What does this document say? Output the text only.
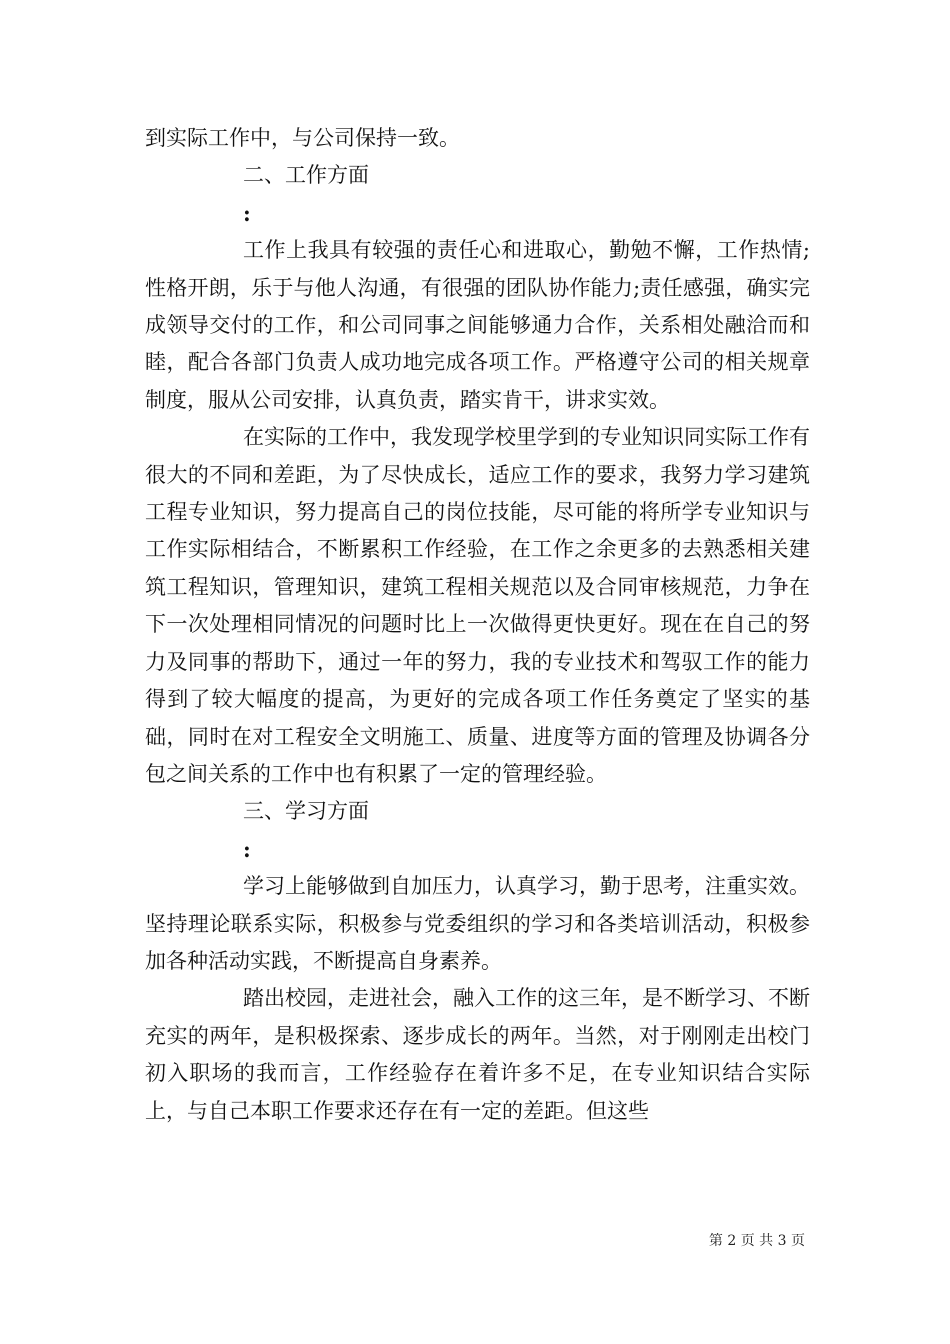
到实际工作中，与公司保持一致。

二、工作方面

:

工作上我具有较强的责任心和进取心，勤勉不懈，工作热情;性格开朗，乐于与他人沟通，有很强的团队协作能力;责任感强，确实完成领导交付的工作，和公司同事之间能够通力合作，关系相处融洽而和睦，配合各部门负责人成功地完成各项工作。严格遵守公司的相关规章制度，服从公司安排，认真负责，踏实肯干，讲求实效。

在实际的工作中，我发现学校里学到的专业知识同实际工作有很大的不同和差距，为了尽快成长，适应工作的要求，我努力学习建筑工程专业知识，努力提高自己的岗位技能，尽可能的将所学专业知识与工作实际相结合，不断累积工作经验，在工作之余更多的去熟悉相关建筑工程知识，管理知识，建筑工程相关规范以及合同审核规范，力争在下一次处理相同情况的问题时比上一次做得更快更好。现在在自己的努力及同事的帮助下，通过一年的努力，我的专业技术和驾驭工作的能力得到了较大幅度的提高，为更好的完成各项工作任务奠定了坚实的基础，同时在对工程安全文明施工、质量、进度等方面的管理及协调各分包之间关系的工作中也有积累了一定的管理经验。

三、学习方面

:

学习上能够做到自加压力，认真学习，勤于思考，注重实效。坚持理论联系实际，积极参与党委组织的学习和各类培训活动，积极参加各种活动实践，不断提高自身素养。

踏出校园，走进社会，融入工作的这三年，是不断学习、不断充实的两年，是积极探索、逐步成长的两年。当然，对于刚刚走出校门初入职场的我而言，工作经验存在着许多不足，在专业知识结合实际上，与自己本职工作要求还存在有一定的差距。但这些

第 2 页 共 3 页
